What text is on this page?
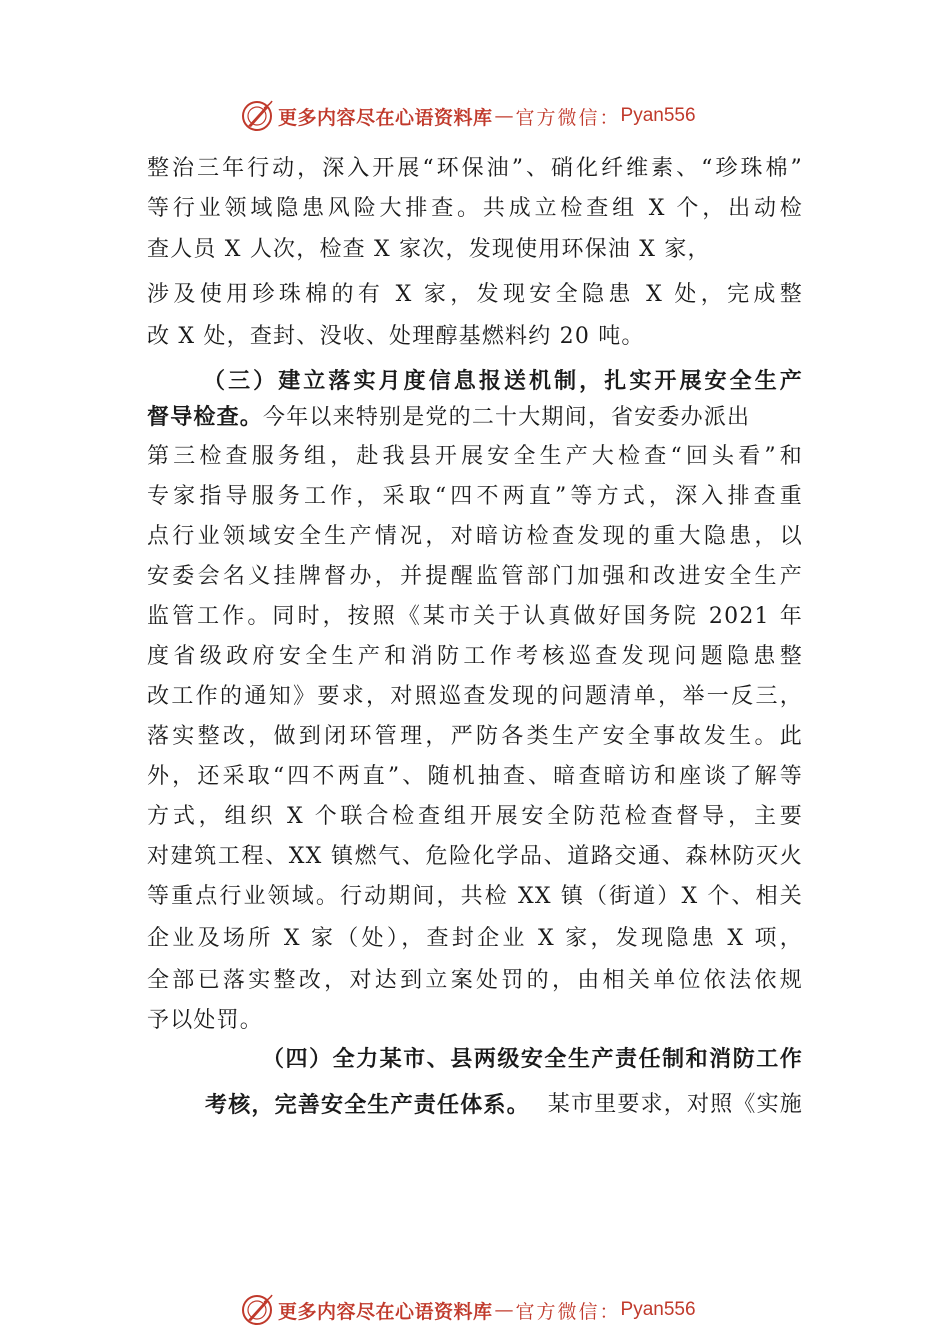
更多内容尽在心语资料库 — 官方微信： Pyan556
整治三年行动，深入开展“环保油”、硝化纤维素、“珍珠棉”
等行业领域隐患风险大排查。共成立检查组 X 个，出动检
查人员 X 人次，检查 X 家次，发现使用环保油 X 家，
涉及使用珍珠棉的有 X 家，发现安全隐患 X 处，完成整
改 X 处，查封、没收、处理醇基燃料约 20 吨。
（三）建立落实月度信息报送机制，扎实开展安全生产
督导检查。今年以来特别是党的二十大期间，省安委办派出
第三检查服务组，赴我县开展安全生产大检查“回头看”和
专家指导服务工作，采取“四不两直”等方式，深入排查重
点行业领域安全生产情况，对暗访检查发现的重大隐患，以
安委会名义挂牌督办，并提醒监管部门加强和改进安全生产
监管工作。同时，按照《某市关于认真做好国务院 2021 年
度省级政府安全生产和消防工作考核巡查发现问题隐患整
改工作的通知》要求，对照巡查发现的问题清单，举一反三，
落实整改，做到闭环管理，严防各类生产安全事故发生。此
外，还采取“四不两直”、随机抽查、暗查暗访和座谈了解等
方式，组织 X 个联合检查组开展安全防范检查督导，主要
对建筑工程、XX 镇燃气、危险化学品、道路交通、森林防灭火
等重点行业领域。行动期间，共检 XX 镇（街道）X 个、相关
企业及场所 X 家（处），查封企业 X 家，发现隐患 X 项，
全部已落实整改，对达到立案处罚的，由相关单位依法依规
予以处罚。
（四）全力某市、县两级安全生产责任制和消防工作
考核，完善安全生产责任体系。 某市里要求，对照《实施
更多内容尽在心语资料库 — 官方微信： Pyan556
